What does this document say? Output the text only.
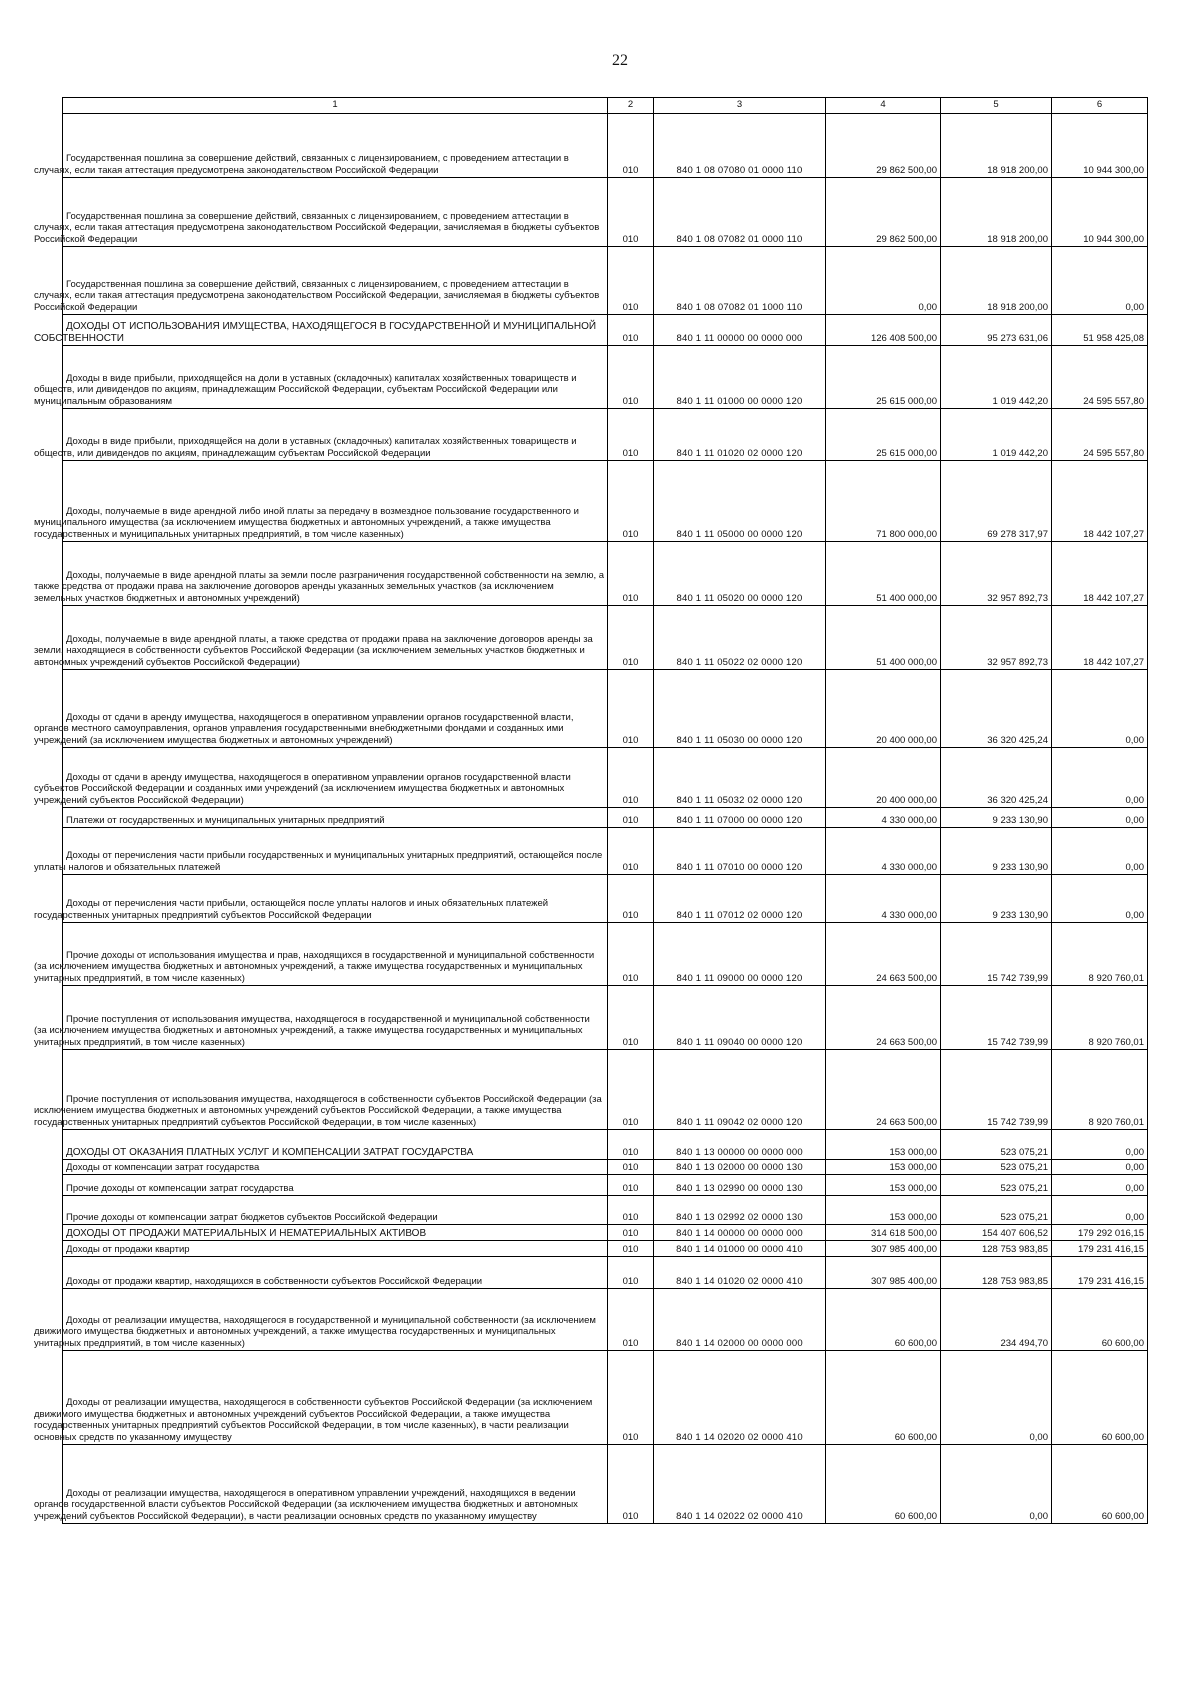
22
1	2	3	4	5	6

Государственная пошлина за совершение действий, связанных с лицензированием, с проведением аттестации в случаях, если такая аттестация предусмотрена законодательством Российской Федерации	010	840 1 08 07080 01 0000 110	29 862 500,00	18 918 200,00	10 944 300,00

Государственная пошлина за совершение действий, связанных с лицензированием, с проведением аттестации в случаях, если такая аттестация предусмотрена законодательством Российской Федерации, зачисляемая в бюджеты субъектов Российской Федерации	010	840 1 08 07082 01 0000 110	29 862 500,00	18 918 200,00	10 944 300,00

Государственная пошлина за совершение действий, связанных с лицензированием, с проведением аттестации в случаях, если такая аттестация предусмотрена законодательством Российской Федерации, зачисляемая в бюджеты субъектов Российской Федерации	010	840 1 08 07082 01 1000 110	0,00	18 918 200,00	0,00

ДОХОДЫ ОТ ИСПОЛЬЗОВАНИЯ ИМУЩЕСТВА, НАХОДЯЩЕГОСЯ В ГОСУДАРСТВЕННОЙ И МУНИЦИПАЛЬНОЙ СОБСТВЕННОСТИ	010	840 1 11 00000 00 0000 000	126 408 500,00	95 273 631,06	51 958 425,08

Доходы в виде прибыли, приходящейся на доли в уставных (складочных) капиталах хозяйственных товариществ и обществ, или дивидендов по акциям, принадлежащим Российской Федерации, субъектам Российской Федерации или муниципальным образованиям	010	840 1 11 01000 00 0000 120	25 615 000,00	1 019 442,20	24 595 557,80

Доходы в виде прибыли, приходящейся на доли в уставных (складочных) капиталах хозяйственных товариществ и обществ, или дивидендов по акциям, принадлежащим субъектам Российской Федерации	010	840 1 11 01020 02 0000 120	25 615 000,00	1 019 442,20	24 595 557,80

Доходы, получаемые в виде арендной либо иной платы за передачу в возмездное пользование государственного и муниципального имущества (за исключением имущества бюджетных и автономных учреждений, а также имущества государственных и муниципальных унитарных предприятий, в том числе казенных)	010	840 1 11 05000 00 0000 120	71 800 000,00	69 278 317,97	18 442 107,27

Доходы, получаемые в виде арендной платы за земли после разграничения государственной собственности на землю, а также средства от продажи права на заключение договоров аренды указанных земельных участков (за исключением земельных участков бюджетных и автономных учреждений)	010	840 1 11 05020 00 0000 120	51 400 000,00	32 957 892,73	18 442 107,27

Доходы, получаемые в виде арендной платы, а также средства от продажи права на заключение договоров аренды за земли, находящиеся в собственности субъектов Российской Федерации (за исключением земельных участков бюджетных и автономных учреждений субъектов Российской Федерации)	010	840 1 11 05022 02 0000 120	51 400 000,00	32 957 892,73	18 442 107,27

Доходы от сдачи в аренду имущества, находящегося в оперативном управлении органов государственной власти, органов местного самоуправления, органов управления государственными внебюджетными фондами и созданных ими учреждений (за исключением имущества бюджетных и автономных учреждений)	010	840 1 11 05030 00 0000 120	20 400 000,00	36 320 425,24	0,00

Доходы от сдачи в аренду имущества, находящегося в оперативном управлении органов государственной власти субъектов Российской Федерации и созданных ими учреждений (за исключением имущества бюджетных и автономных учреждений субъектов Российской Федерации)	010	840 1 11 05032 02 0000 120	20 400 000,00	36 320 425,24	0,00

Платежи от государственных и муниципальных унитарных предприятий	010	840 1 11 07000 00 0000 120	4 330 000,00	9 233 130,90	0,00

Доходы от перечисления части прибыли государственных и муниципальных унитарных предприятий, остающейся после уплаты налогов и обязательных платежей	010	840 1 11 07010 00 0000 120	4 330 000,00	9 233 130,90	0,00

Доходы от перечисления части прибыли, остающейся после уплаты налогов и иных обязательных платежей государственных унитарных предприятий субъектов Российской Федерации	010	840 1 11 07012 02 0000 120	4 330 000,00	9 233 130,90	0,00

Прочие доходы от использования имущества и прав, находящихся в государственной и муниципальной собственности (за исключением имущества бюджетных и автономных учреждений, а также имущества государственных и муниципальных унитарных предприятий, в том числе казенных)	010	840 1 11 09000 00 0000 120	24 663 500,00	15 742 739,99	8 920 760,01

Прочие поступления от использования имущества, находящегося в государственной и муниципальной собственности (за исключением имущества бюджетных и автономных учреждений, а также имущества государственных и муниципальных унитарных предприятий, в том числе казенных)	010	840 1 11 09040 00 0000 120	24 663 500,00	15 742 739,99	8 920 760,01

Прочие поступления от использования имущества, находящегося в собственности субъектов Российской Федерации (за исключением имущества бюджетных и автономных учреждений субъектов Российской Федерации, а также имущества государственных унитарных предприятий субъектов Российской Федерации, в том числе казенных)	010	840 1 11 09042 02 0000 120	24 663 500,00	15 742 739,99	8 920 760,01

ДОХОДЫ ОТ ОКАЗАНИЯ ПЛАТНЫХ УСЛУГ И КОМПЕНСАЦИИ ЗАТРАТ ГОСУДАРСТВА	010	840 1 13 00000 00 0000 000	153 000,00	523 075,21	0,00

Доходы от компенсации затрат государства	010	840 1 13 02000 00 0000 130	153 000,00	523 075,21	0,00

Прочие доходы от компенсации затрат государства	010	840 1 13 02990 00 0000 130	153 000,00	523 075,21	0,00

Прочие доходы от компенсации затрат бюджетов субъектов Российской Федерации	010	840 1 13 02992 02 0000 130	153 000,00	523 075,21	0,00

ДОХОДЫ ОТ ПРОДАЖИ МАТЕРИАЛЬНЫХ И НЕМАТЕРИАЛЬНЫХ АКТИВОВ	010	840 1 14 00000 00 0000 000	314 618 500,00	154 407 606,52	179 292 016,15

Доходы от продажи квартир	010	840 1 14 01000 00 0000 410	307 985 400,00	128 753 983,85	179 231 416,15

Доходы от продажи квартир, находящихся в собственности субъектов Российской Федерации	010	840 1 14 01020 02 0000 410	307 985 400,00	128 753 983,85	179 231 416,15

Доходы от реализации имущества, находящегося в государственной и муниципальной собственности (за исключением движимого имущества бюджетных и автономных учреждений, а также имущества государственных и муниципальных унитарных предприятий, в том числе казенных)	010	840 1 14 02000 00 0000 000	60 600,00	234 494,70	60 600,00

Доходы от реализации имущества, находящегося в собственности субъектов Российской Федерации (за исключением движимого имущества бюджетных и автономных учреждений субъектов Российской Федерации, а также имущества государственных унитарных предприятий субъектов Российской Федерации, в том числе казенных), в части реализации основных средств по указанному имуществу	010	840 1 14 02020 02 0000 410	60 600,00	0,00	60 600,00

Доходы от реализации имущества, находящегося в оперативном управлении учреждений, находящихся в ведении органов государственной власти субъектов Российской Федерации (за исключением имущества бюджетных и автономных учреждений субъектов Российской Федерации), в части реализации основных средств по указанному имуществу	010	840 1 14 02022 02 0000 410	60 600,00	0,00	60 600,00
